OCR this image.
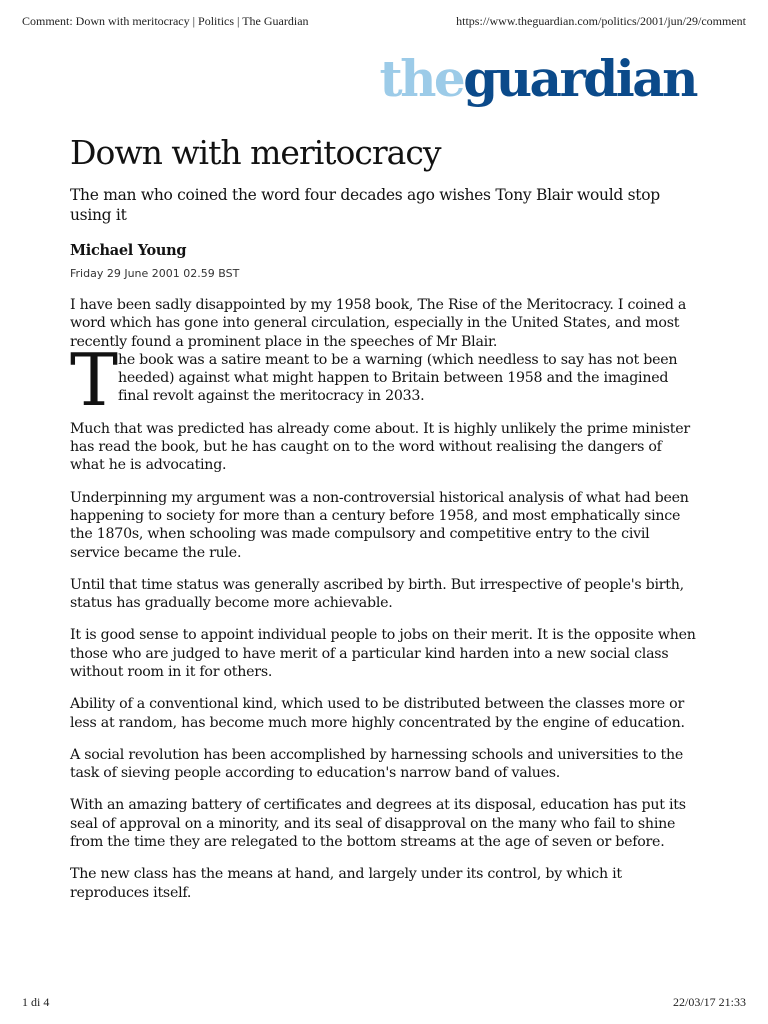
Comment: Down with meritocracy | Politics | The Guardian	https://www.theguardian.com/politics/2001/jun/29/comment
theguardian
Down with meritocracy

The man who coined the word four decades ago wishes Tony Blair would stop using it

Michael Young

Friday 29 June 2001 02.59 BST

I have been sadly disappointed by my 1958 book, The Rise of the Meritocracy. I coined a word which has gone into general circulation, especially in the United States, and most recently found a prominent place in the speeches of Mr Blair.

T he book was a satire meant to be a warning (which needless to say has not been heeded) against what might happen to Britain between 1958 and the imagined final revolt against the meritocracy in 2033.

Much that was predicted has already come about. It is highly unlikely the prime minister has read the book, but he has caught on to the word without realising the dangers of what he is advocating.

Underpinning my argument was a non-controversial historical analysis of what had been happening to society for more than a century before 1958, and most emphatically since the 1870s, when schooling was made compulsory and competitive entry to the civil service became the rule.

Until that time status was generally ascribed by birth. But irrespective of people's birth, status has gradually become more achievable.

It is good sense to appoint individual people to jobs on their merit. It is the opposite when those who are judged to have merit of a particular kind harden into a new social class without room in it for others.

Ability of a conventional kind, which used to be distributed between the classes more or less at random, has become much more highly concentrated by the engine of education.

A social revolution has been accomplished by harnessing schools and universities to the task of sieving people according to education's narrow band of values.

With an amazing battery of certificates and degrees at its disposal, education has put its seal of approval on a minority, and its seal of disapproval on the many who fail to shine from the time they are relegated to the bottom streams at the age of seven or before.

The new class has the means at hand, and largely under its control, by which it reproduces itself.

1 di 4	22/03/17 21:33
